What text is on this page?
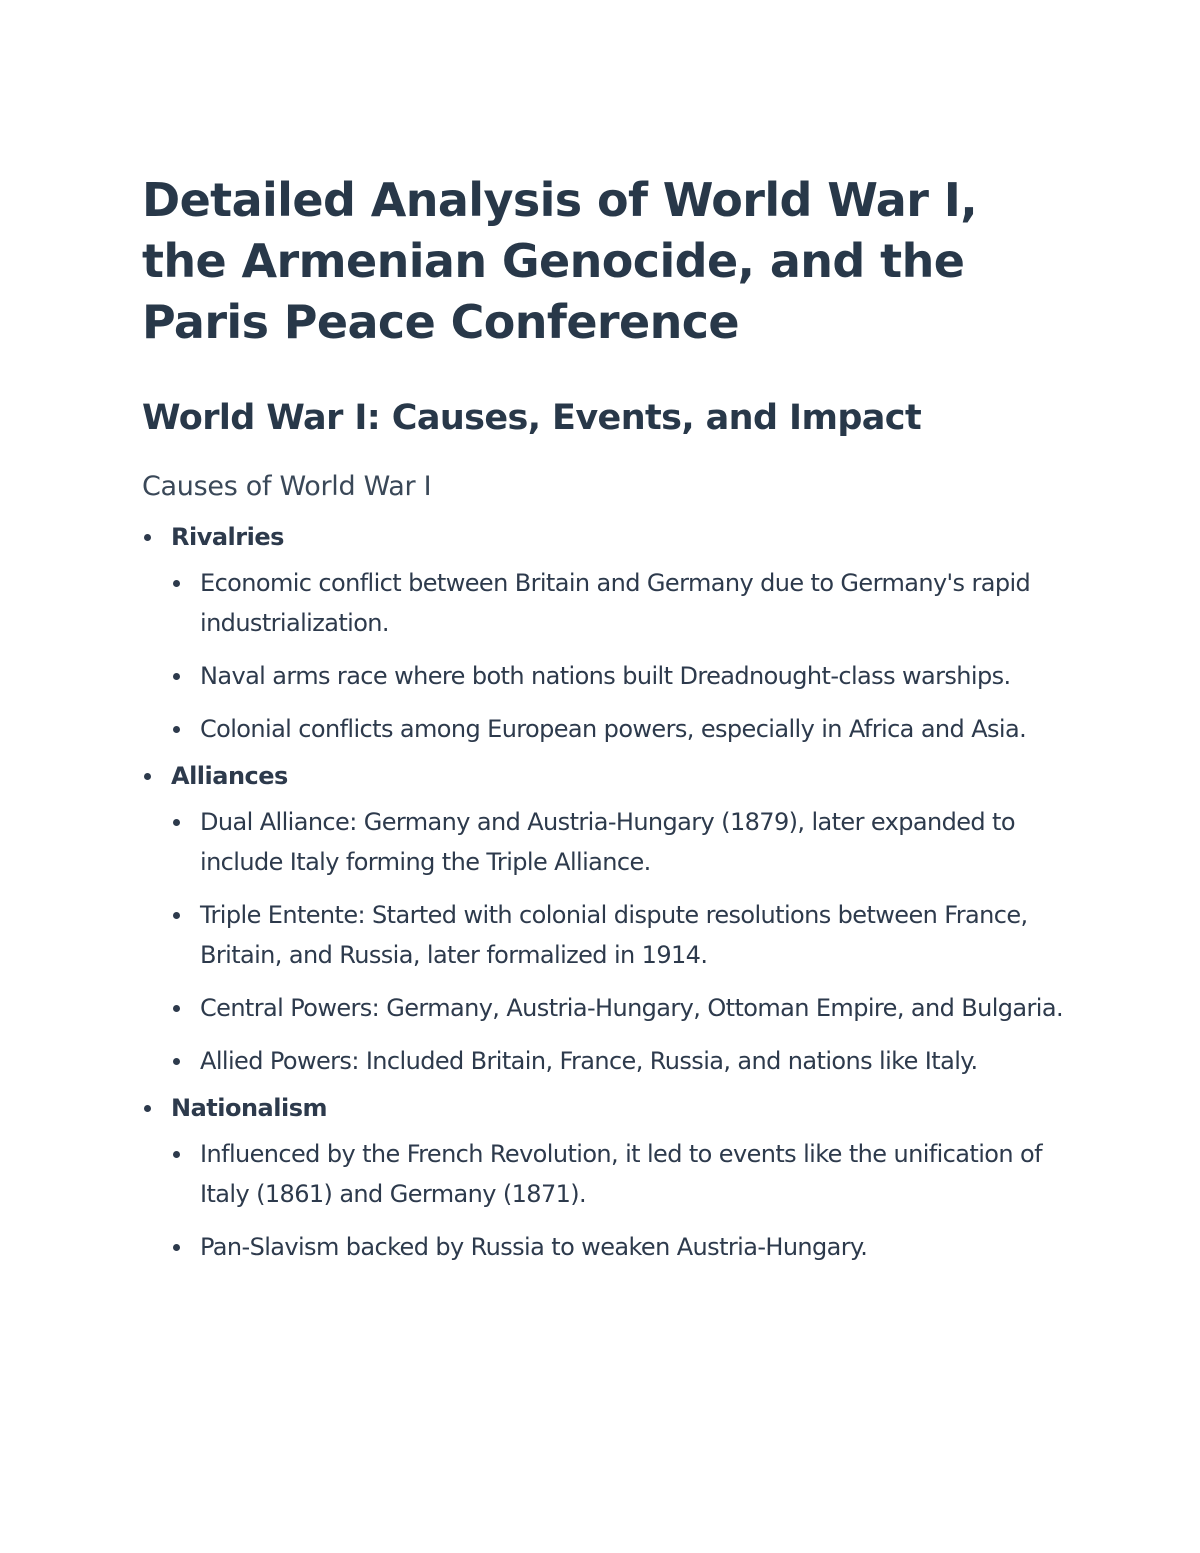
Detailed Analysis of World War I, the Armenian Genocide, and the Paris Peace Conference
World War I: Causes, Events, and Impact
Causes of World War I
Rivalries
Economic conflict between Britain and Germany due to Germany's rapid industrialization.
Naval arms race where both nations built Dreadnought-class warships.
Colonial conflicts among European powers, especially in Africa and Asia.
Alliances
Dual Alliance: Germany and Austria-Hungary (1879), later expanded to include Italy forming the Triple Alliance.
Triple Entente: Started with colonial dispute resolutions between France, Britain, and Russia, later formalized in 1914.
Central Powers: Germany, Austria-Hungary, Ottoman Empire, and Bulgaria.
Allied Powers: Included Britain, France, Russia, and nations like Italy.
Nationalism
Influenced by the French Revolution, it led to events like the unification of Italy (1861) and Germany (1871).
Pan-Slavism backed by Russia to weaken Austria-Hungary.
